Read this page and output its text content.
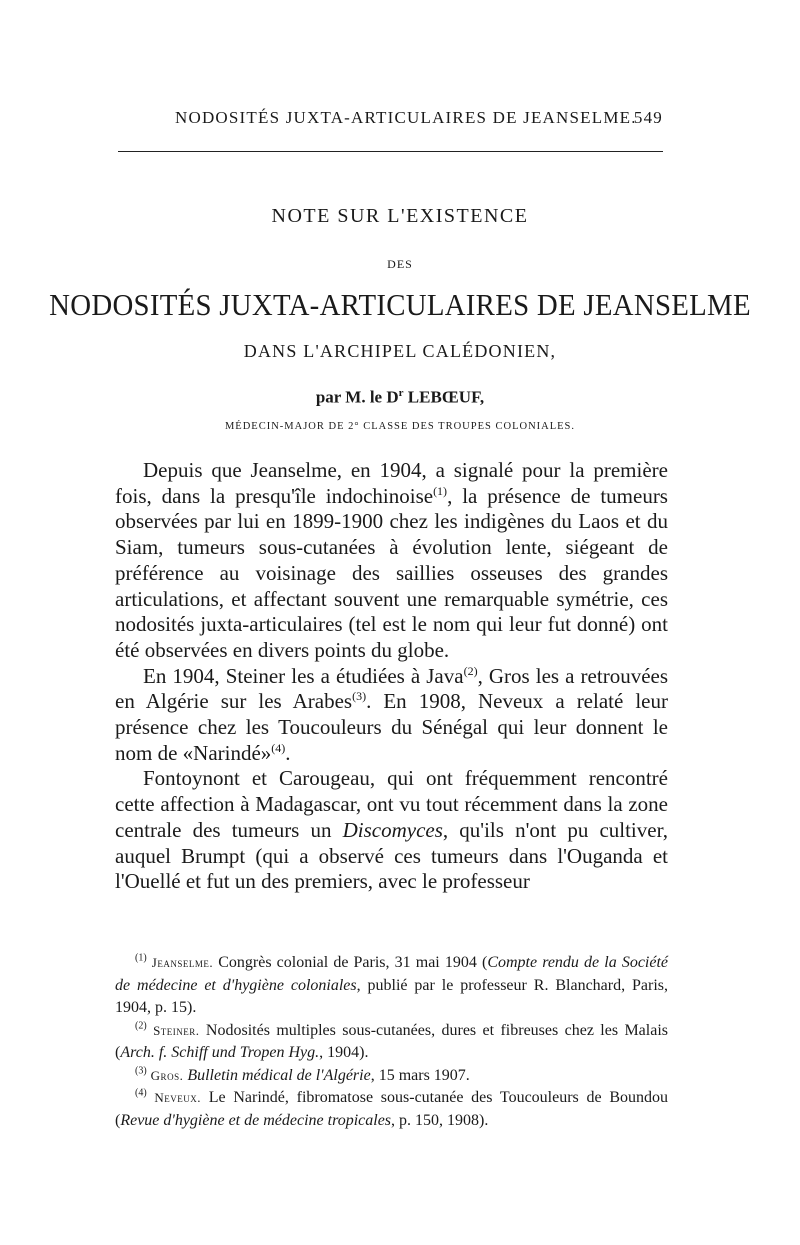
NODOSITÉS JUXTA-ARTICULAIRES DE JEANSELME.
549
NOTE SUR L'EXISTENCE
DES
NODOSITÉS JUXTA-ARTICULAIRES DE JEANSELME
DANS L'ARCHIPEL CALÉDONIEN,
par M. le $D^r$ LEBŒUF,
MÉDECIN-MAJOR DE 2° CLASSE DES TROUPES COLONIALES.

Depuis que Jeanselme, en 1904, a signalé pour la première fois, dans la presqu'île indochinoise$^{(1)}$, la présence de tumeurs observées par lui en 1899-1900 chez les indigènes du Laos et du Siam, tumeurs sous-cutanées à évolution lente, siégeant de préférence au voisinage des saillies osseuses des grandes articulations, et affectant souvent une remarquable symétrie, ces nodosités juxta-articulaires (tel est le nom qui leur fut donné) ont été observées en divers points du globe.

En 1904, Steiner les a étudiées à Java$^{(2)}$, Gros les a retrouvées en Algérie sur les Arabes$^{(3)}$. En 1908, Neveux a relaté leur présence chez les Toucouleurs du Sénégal qui leur donnent le nom de «Narindé»$^{(4)}$.

Fontoynont et Carougeau, qui ont fréquemment rencontré cette affection à Madagascar, ont vu tout récemment dans la zone centrale des tumeurs un Discomyces, qu'ils n'ont pu cultiver, auquel Brumpt (qui a observé ces tumeurs dans l'Ouganda et l'Ouellé et fut un des premiers, avec le professeur

$^{(1)}$ Jeanselme. Congrès colonial de Paris, 31 mai 1904 (Compte rendu de la Société de médecine et d'hygiène coloniales, publié par le professeur R. Blanchard, Paris, 1904, p. 15).

$^{(2)}$ Steiner. Nodosités multiples sous-cutanées, dures et fibreuses chez les Malais (Arch. f. Schiff und Tropen Hyg., 1904).

$^{(3)}$ Gros. Bulletin médical de l'Algérie, 15 mars 1907.

$^{(4)}$ Neveux. Le Narindé, fibromatose sous-cutanée des Toucouleurs de Boundou (Revue d'hygiène et de médecine tropicales, p. 150, 1908).
